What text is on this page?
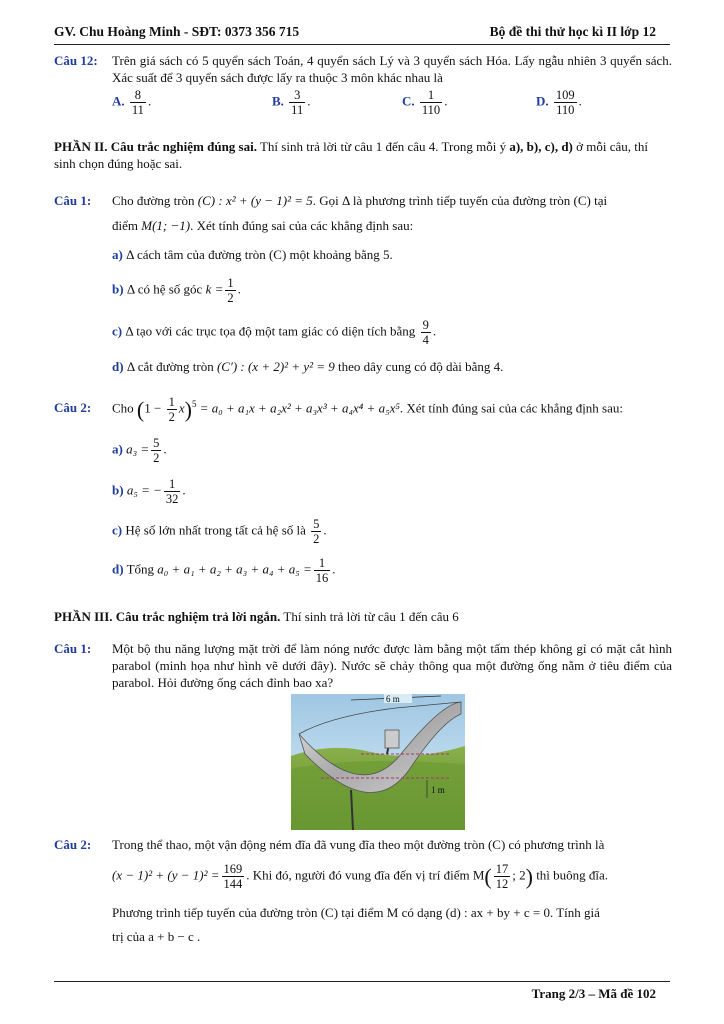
GV. Chu Hoàng Minh - SĐT: 0373 356 715	Bộ đề thi thử học kì II lớp 12
Câu 12: Trên giá sách có 5 quyển sách Toán, 4 quyển sách Lý và 3 quyển sách Hóa. Lấy ngẫu nhiên 3 quyển sách. Xác suất để 3 quyển sách được lấy ra thuộc 3 môn khác nhau là
A. $\frac{8}{11}$ .	B. $\frac{3}{11}$ .	C. $\frac{1}{110}$ .	D. $\frac{109}{110}$ .
PHẦN II. Câu trắc nghiệm đúng sai. Thí sinh trả lời từ câu 1 đến câu 4. Trong mỗi ý a), b), c), d) ở mỗi câu, thí sinh chọn đúng hoặc sai.
Câu 1: Cho đường tròn (C) : x² + (y − 1)² = 5. Gọi Δ là phương trình tiếp tuyến của đường tròn (C) tại
điểm M(1; −1). Xét tính đúng sai của các khẳng định sau:
a) Δ cách tâm của đường tròn (C) một khoảng bằng 5.
b) Δ có hệ số góc $k = \frac{1}{2}$ .
c) Δ tạo với các trục tọa độ một tam giác có diện tích bằng $\frac{9}{4}$ .
d) Δ cắt đường tròn (C′) : (x + 2)² + y² = 9 theo dây cung có độ dài bằng 4.
Câu 2: Cho $(1 - \frac{1}{2} x)^5 = a_0 + a_1x + a_2x^2 + a_3x^3 + a_4x^4 + a_5x^5$. Xét tính đúng sai của các khẳng định sau:
a) $a_3 = \frac{5}{2}$ .
b) a₅ = − $\frac{1}{32}$ .
c) Hệ số lớn nhất trong tất cả hệ số là $\frac{5}{2}$ .
d) Tổng $a_0 + a_1 + a_2 + a_3 + a_4 + a_5 = \frac{1}{16}$ .
PHẦN III. Câu trắc nghiệm trả lời ngắn. Thí sinh trả lời từ câu 1 đến câu 6
Câu 1: Một bộ thu năng lượng mặt trời để làm nóng nước được làm bằng một tấm thép không gỉ có mặt cắt hình parabol (minh họa như hình vẽ dưới đây). Nước sẽ chảy thông qua một đường ống nằm ở tiêu điểm của parabol. Hỏi đường ống cách đỉnh bao xa?
6 m
1 m
Câu 2: Trong thể thao, một vận động ném đĩa đã vung đĩa theo một đường tròn (C) có phương trình là
$(x - 1)^2 + (y - 1)^2 = \frac{169}{144}$ . Khi đó, người đó vung đĩa đến vị trí điểm $M( \frac{17}{12}$ ; 2) thì buông đĩa.
Phương trình tiếp tuyến của đường tròn (C) tại điểm M có dạng (d) : ax + by + c = 0. Tính giá
trị của a + b − c .
Trang 2/3 – Mã đề 102
